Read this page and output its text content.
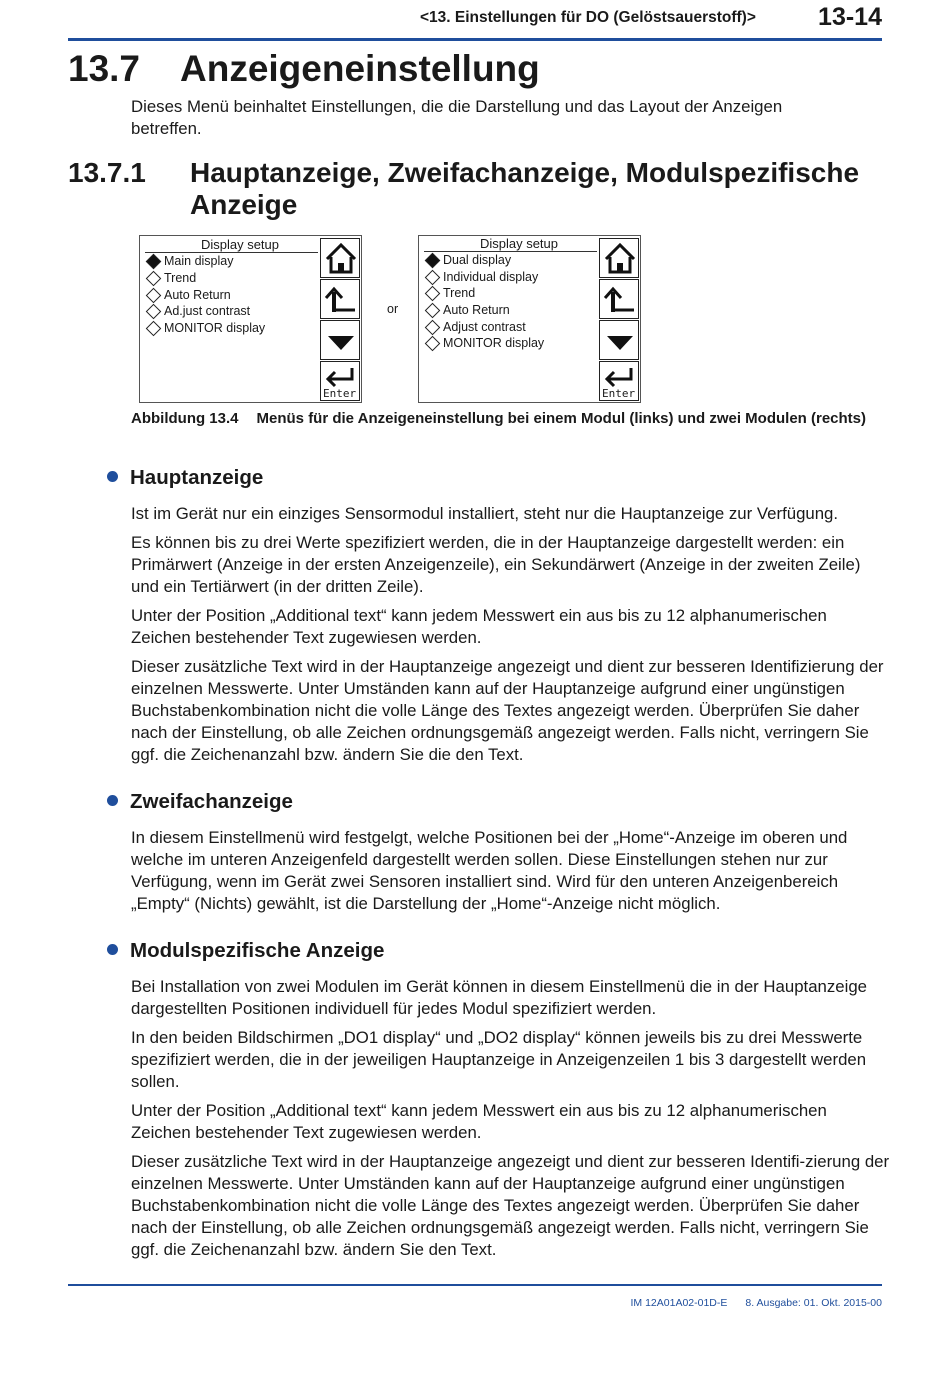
<13. Einstellungen für DO (Gelöstsauerstoff)> 13-14
13.7 Anzeigeneinstellung

Dieses Menü beinhaltet Einstellungen, die die Darstellung und das Layout der Anzeigen betreffen.

13.7.1 Hauptanzeige, Zweifachanzeige, Modulspezifische
Anzeige
Display setup
Main display
Trend
Auto Return
Ad.just contrast
MONITOR display
Enter
or
Display setup
Dual display
Individual display
Trend
Auto Return
Adjust contrast
MONITOR display
Enter
Abbildung 13.4 Menüs für die Anzeigeneinstellung bei einem Modul (links) und zwei Modulen (rechts)
Hauptanzeige

Ist im Gerät nur ein einziges Sensormodul installiert, steht nur die Hauptanzeige zur Verfügung.

Es können bis zu drei Werte spezifiziert werden, die in der Hauptanzeige dargestellt werden: ein Primärwert (Anzeige in der ersten Anzeigenzeile), ein Sekundärwert (Anzeige in der zweiten Zeile) und ein Tertiärwert (in der dritten Zeile).

Unter der Position „Additional text“ kann jedem Messwert ein aus bis zu 12 alphanumerischen Zeichen bestehender Text zugewiesen werden.

Dieser zusätzliche Text wird in der Hauptanzeige angezeigt und dient zur besseren Identifizierung der einzelnen Messwerte. Unter Umständen kann auf der Hauptanzeige aufgrund einer ungünstigen Buchstabenkombination nicht die volle Länge des Textes angezeigt werden. Überprüfen Sie daher nach der Einstellung, ob alle Zeichen ordnungsgemäß angezeigt werden. Falls nicht, verringern Sie ggf. die Zeichenanzahl bzw. ändern Sie die den Text.

Zweifachanzeige

In diesem Einstellmenü wird festgelgt, welche Positionen bei der „Home“-Anzeige im oberen und welche im unteren Anzeigenfeld dargestellt werden sollen. Diese Einstellungen stehen nur zur Verfügung, wenn im Gerät zwei Sensoren installiert sind. Wird für den unteren Anzeigenbereich „Empty“ (Nichts) gewählt, ist die Darstellung der „Home“-Anzeige nicht möglich.

Modulspezifische Anzeige

Bei Installation von zwei Modulen im Gerät können in diesem Einstellmenü die in der Hauptanzeige dargestellten Positionen individuell für jedes Modul spezifiziert werden.

In den beiden Bildschirmen „DO1 display“ und „DO2 display“ können jeweils bis zu drei Messwerte spezifiziert werden, die in der jeweiligen Hauptanzeige in Anzeigenzeilen 1 bis 3 dargestellt werden sollen.

Unter der Position „Additional text“ kann jedem Messwert ein aus bis zu 12 alphanumerischen Zeichen bestehender Text zugewiesen werden.

Dieser zusätzliche Text wird in der Hauptanzeige angezeigt und dient zur besseren Identifi-zierung der einzelnen Messwerte. Unter Umständen kann auf der Hauptanzeige aufgrund einer ungünstigen Buchstabenkombination nicht die volle Länge des Textes angezeigt werden. Überprüfen Sie daher nach der Einstellung, ob alle Zeichen ordnungsgemäß angezeigt werden. Falls nicht, verringern Sie ggf. die Zeichenanzahl bzw. ändern Sie den Text.

IM 12A01A02-01D-E 8. Ausgabe: 01. Okt. 2015-00
